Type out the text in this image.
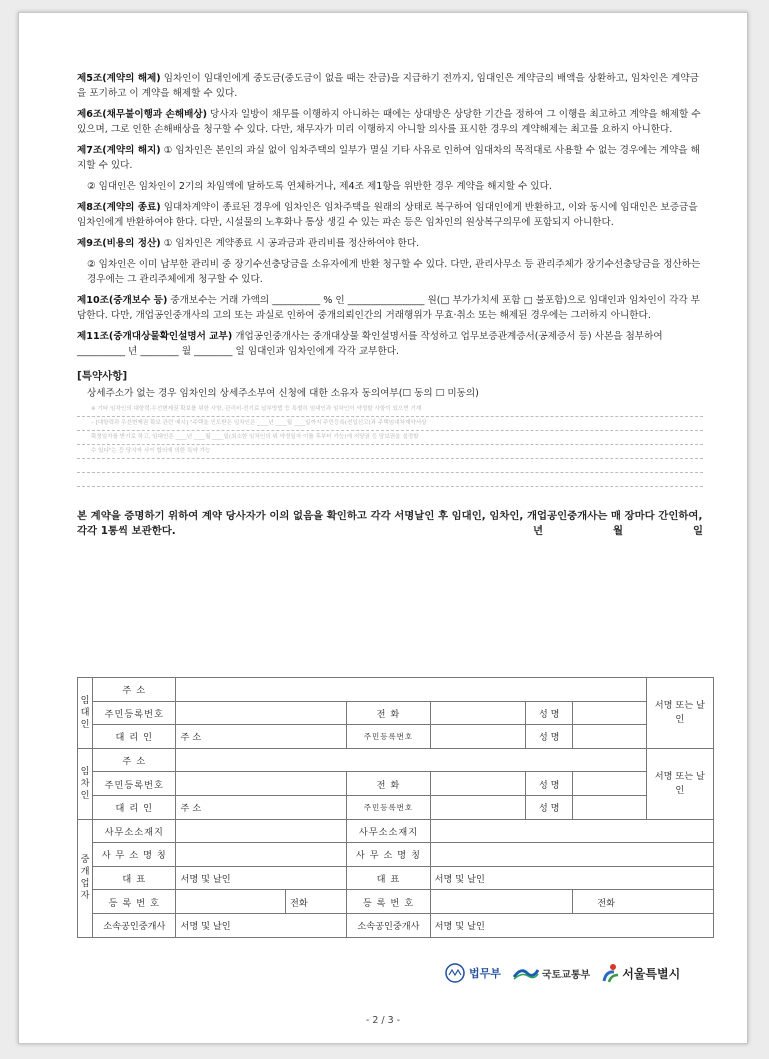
제5조(계약의 해제) 임차인이 임대인에게 중도금(중도금이 없을 때는 잔금)을 지급하기 전까지, 임대인은 계약금의 배액을 상환하고, 임차인은 계약금을 포기하고 이 계약을 해제할 수 있다.

제6조(채무불이행과 손해배상) 당사자 일방이 채무를 이행하지 아니하는 때에는 상대방은 상당한 기간을 정하여 그 이행을 최고하고 계약을 해제할 수 있으며, 그로 인한 손해배상을 청구할 수 있다. 다만, 채무자가 미리 이행하지 아니할 의사를 표시한 경우의 계약해제는 최고를 요하지 아니한다.

제7조(계약의 해지) ① 임차인은 본인의 과실 없이 임차주택의 일부가 멸실 기타 사유로 인하여 임대차의 목적대로 사용할 수 없는 경우에는 계약을 해지할 수 있다.

② 임대인은 임차인이 2기의 차임액에 달하도록 연체하거나, 제4조 제1항을 위반한 경우 계약을 해지할 수 있다.

제8조(계약의 종료) 임대차계약이 종료된 경우에 임차인은 임차주택을 원래의 상태로 복구하여 임대인에게 반환하고, 이와 동시에 임대인은 보증금을 임차인에게 반환하여야 한다. 다만, 시설물의 노후화나 통상 생길 수 있는 파손 등은 임차인의 원상복구의무에 포함되지 아니한다.

제9조(비용의 정산) ① 임차인은 계약종료 시 공과금과 관리비를 정산하여야 한다.

② 임차인은 이미 납부한 관리비 중 장기수선충당금을 소유자에게 반환 청구할 수 있다. 다만, 관리사무소 등 관리주체가 장기수선충당금을 정산하는 경우에는 그 관리주체에게 청구할 수 있다.

제10조(중개보수 등) 중개보수는 거래 가액의 __________ % 인 ________________ 원(□ 부가가치세 포함 □ 불포함)으로 임대인과 임차인이 각각 부담한다. 다만, 개업공인중개사의 고의 또는 과실로 인하여 중개의뢰인간의 거래행위가 무효·취소 또는 해제된 경우에는 그러하지 아니한다.

제11조(중개대상물확인설명서 교부) 개업공인중개사는 중개대상물 확인설명서를 작성하고 업무보증관계증서(공제증서 등) 사본을 첨부하여 __________ 년 ________ 월 ________ 일 임대인과 임차인에게 각각 교부한다.

[특약사항]
상세주소가 없는 경우 임차인의 상세주소부여 신청에 대한 소유자 동의여부(☐ 동의 ☐ 미동의)
※ 기타 임차인의 대항력·우선변제권 확보를 위한 사항, 관리비·전기료 납부방법 등 특별히 임대인과 임차인이 약정할 사항이 있으면 기재
– [대항력과 우선변제권 확보 관련 예시] "주택을 인도받은 임차인은 ____년 ____월 ____일까지 주민등록(전입신고)과 주택임대차계약서상
확정일자를 받기로 하고, 임대인은 ____년 ____월 ____일(최소한 임차인의 위 약정일자 이틀 후부터 가능)에 저당권 등 담보권을 설정할
수 있다"는 등 당사자 사이 합의에 의한 특약 가능
본 계약을 증명하기 위하여 계약 당사자가 이의 없음을 확인하고 각각 서명날인 후 임대인, 임차인, 개업공인중개사는 매 장마다 간인하여, 각각 1통씩 보관한다.	년	월	일
임대인	주 소							서명 또는 날인
	주민등록번호			전 화		성 명		
	대 리 인	주 소		주민등록번호		성 명		
임차인	주 소							서명 또는 날인
	주민등록번호			전 화		성 명		
	대 리 인	주 소		주민등록번호		성 명		
중개업자	사무소소재지			사무소소재지				
	사 무 소 명 칭			사 무 소 명 칭				
	대 표	서명 및 날인		대 표	서명 및 날인			
	등 록 번 호		전화	등 록 번 호			전화	
	소속공인중개사	서명 및 날인		소속공인중개사	서명 및 날인			
법무부	국토교통부	서울특별시
- 2 / 3 -
